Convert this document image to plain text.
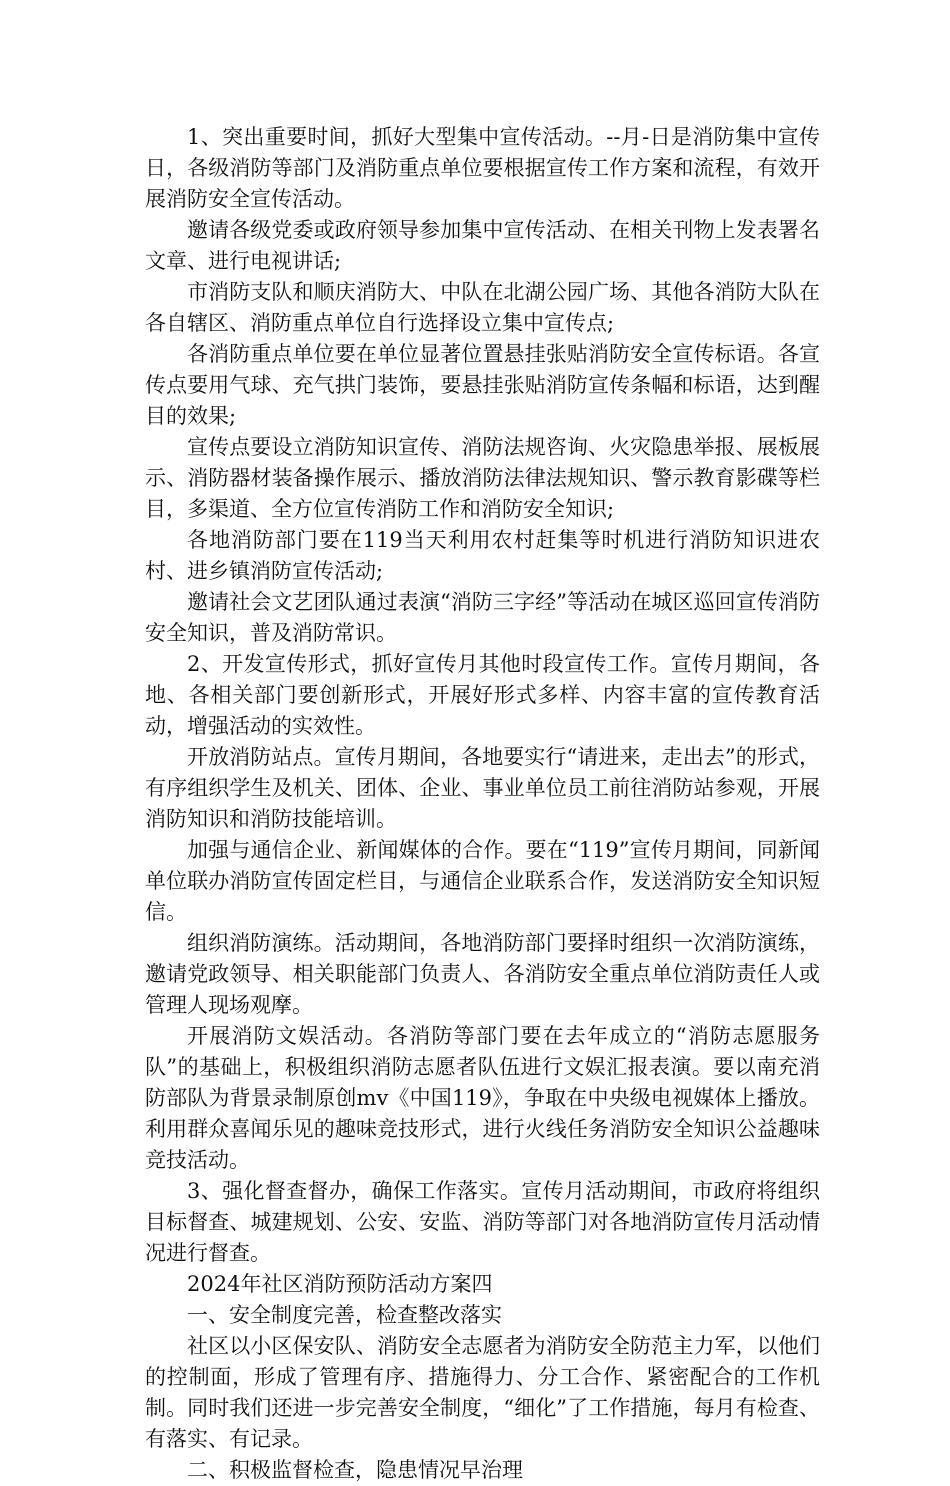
1、突出重要时间，抓好大型集中宣传活动。--月-日是消防集中宣传日，各级消防等部门及消防重点单位要根据宣传工作方案和流程，有效开展消防安全宣传活动。

邀请各级党委或政府领导参加集中宣传活动、在相关刊物上发表署名文章、进行电视讲话;

市消防支队和顺庆消防大、中队在北湖公园广场、其他各消防大队在各自辖区、消防重点单位自行选择设立集中宣传点;

各消防重点单位要在单位显著位置悬挂张贴消防安全宣传标语。各宣传点要用气球、充气拱门装饰，要悬挂张贴消防宣传条幅和标语，达到醒目的效果;

宣传点要设立消防知识宣传、消防法规咨询、火灾隐患举报、展板展示、消防器材装备操作展示、播放消防法律法规知识、警示教育影碟等栏目，多渠道、全方位宣传消防工作和消防安全知识;

各地消防部门要在119当天利用农村赶集等时机进行消防知识进农村、进乡镇消防宣传活动;

邀请社会文艺团队通过表演“消防三字经”等活动在城区巡回宣传消防安全知识，普及消防常识。

2、开发宣传形式，抓好宣传月其他时段宣传工作。宣传月期间，各地、各相关部门要创新形式，开展好形式多样、内容丰富的宣传教育活动，增强活动的实效性。

开放消防站点。宣传月期间，各地要实行“请进来，走出去”的形式，有序组织学生及机关、团体、企业、事业单位员工前往消防站参观，开展消防知识和消防技能培训。

加强与通信企业、新闻媒体的合作。要在“119”宣传月期间，同新闻单位联办消防宣传固定栏目，与通信企业联系合作，发送消防安全知识短信。

组织消防演练。活动期间，各地消防部门要择时组织一次消防演练，邀请党政领导、相关职能部门负责人、各消防安全重点单位消防责任人或管理人现场观摩。

开展消防文娱活动。各消防等部门要在去年成立的“消防志愿服务队”的基础上，积极组织消防志愿者队伍进行文娱汇报表演。要以南充消防部队为背景录制原创mv《中国119》，争取在中央级电视媒体上播放。利用群众喜闻乐见的趣味竞技形式，进行火线任务消防安全知识公益趣味竞技活动。

3、强化督查督办，确保工作落实。宣传月活动期间，市政府将组织目标督查、城建规划、公安、安监、消防等部门对各地消防宣传月活动情况进行督查。

2024年社区消防预防活动方案四

一、安全制度完善，检查整改落实

社区以小区保安队、消防安全志愿者为消防安全防范主力军，以他们的控制面，形成了管理有序、措施得力、分工合作、紧密配合的工作机制。同时我们还进一步完善安全制度，“细化”了工作措施，每月有检查、有落实、有记录。

二、积极监督检查，隐患情况早治理
